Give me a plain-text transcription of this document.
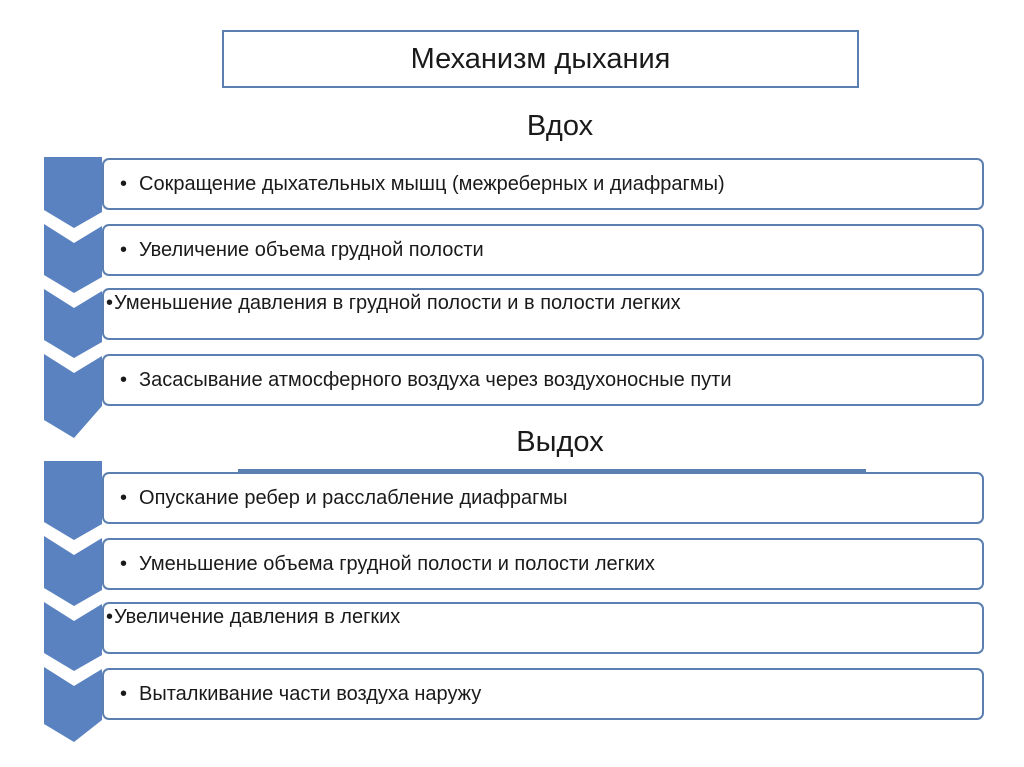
Механизм дыхания
Вдох
• Сокращение дыхательных мышц (межреберных и диафрагмы)
• Увеличение объема грудной полости
• Уменьшение давления в грудной полости и в полости легких
• Засасывание атмосферного воздуха через воздухоносные пути
Выдох
• Опускание ребер и расслабление диафрагмы
• Уменьшение объема грудной полости и полости легких
• Увеличение давления в легких
• Выталкивание части воздуха наружу
